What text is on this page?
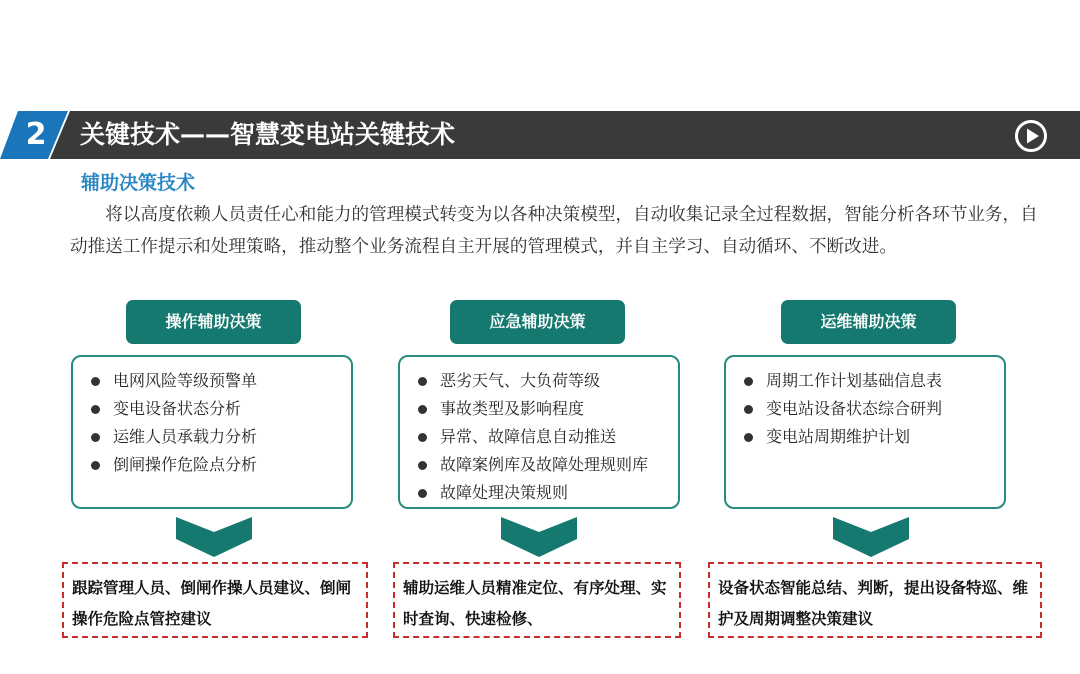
2	关键技术——智慧变电站关键技术
辅助决策技术

将以高度依赖人员责任心和能力的管理模式转变为以各种决策模型，自动收集记录全过程数据，智能分析各环节业务，自动推送工作提示和处理策略，推动整个业务流程自主开展的管理模式，并自主学习、自动循环、不断改进。

操作辅助决策
电网风险等级预警单
变电设备状态分析
运维人员承载力分析
倒闸操作危险点分析
跟踪管理人员、倒闸作操人员建议、倒闸操作危险点管控建议
应急辅助决策
恶劣天气、大负荷等级
事故类型及影响程度
异常、故障信息自动推送
故障案例库及故障处理规则库
故障处理决策规则
辅助运维人员精准定位、有序处理、实时查询、快速检修、
运维辅助决策
周期工作计划基础信息表
变电站设备状态综合研判
变电站周期维护计划
设备状态智能总结、判断，提出设备特巡、维护及周期调整决策建议
